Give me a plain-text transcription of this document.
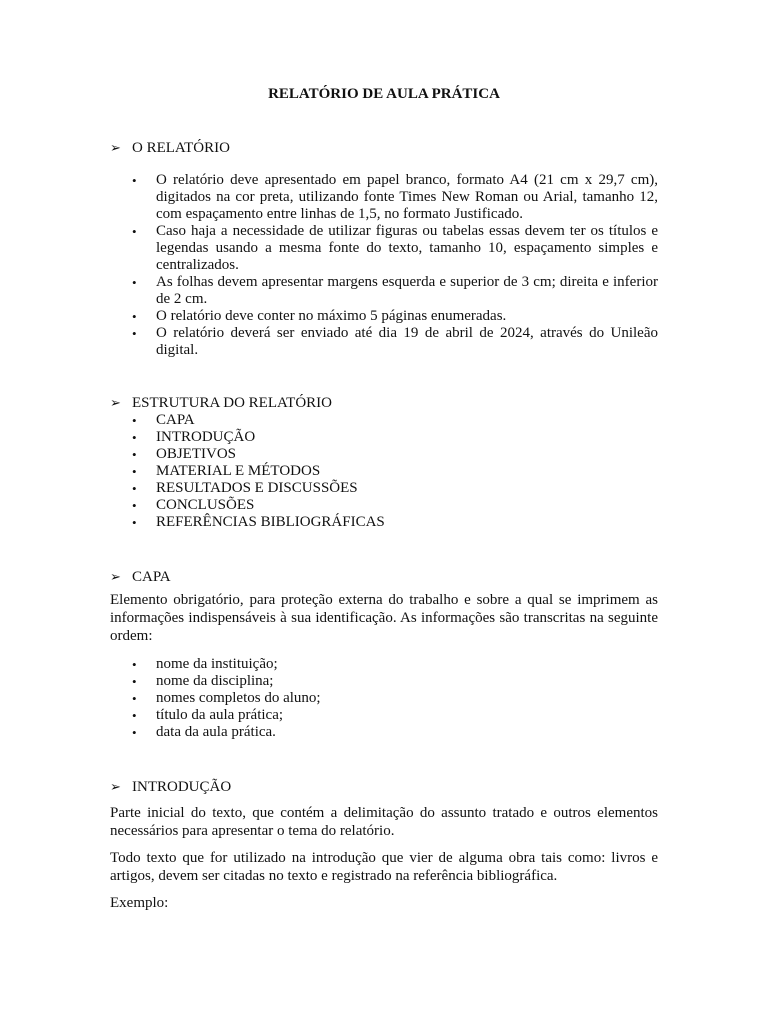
RELATÓRIO DE AULA PRÁTICA

➢ O RELATÓRIO

• O relatório deve apresentado em papel branco, formato A4 (21 cm x 29,7 cm), digitados na cor preta, utilizando fonte Times New Roman ou Arial, tamanho 12, com espaçamento entre linhas de 1,5, no formato Justificado.
• Caso haja a necessidade de utilizar figuras ou tabelas essas devem ter os títulos e legendas usando a mesma fonte do texto, tamanho 10, espaçamento simples e centralizados.
• As folhas devem apresentar margens esquerda e superior de 3 cm; direita e inferior de 2 cm.
• O relatório deve conter no máximo 5 páginas enumeradas.
• O relatório deverá ser enviado até dia 19 de abril de 2024, através do Unileão digital.

➢ ESTRUTURA DO RELATÓRIO

• CAPA
• INTRODUÇÃO
• OBJETIVOS
• MATERIAL E MÉTODOS
• RESULTADOS E DISCUSSÕES
• CONCLUSÕES
• REFERÊNCIAS BIBLIOGRÁFICAS

➢ CAPA

Elemento obrigatório, para proteção externa do trabalho e sobre a qual se imprimem as informações indispensáveis à sua identificação. As informações são transcritas na seguinte ordem:

• nome da instituição;
• nome da disciplina;
• nomes completos do aluno;
• título da aula prática;
• data da aula prática.

➢ INTRODUÇÃO

Parte inicial do texto, que contém a delimitação do assunto tratado e outros elementos necessários para apresentar o tema do relatório.

Todo texto que for utilizado na introdução que vier de alguma obra tais como: livros e artigos, devem ser citadas no texto e registrado na referência bibliográfica.

Exemplo:
